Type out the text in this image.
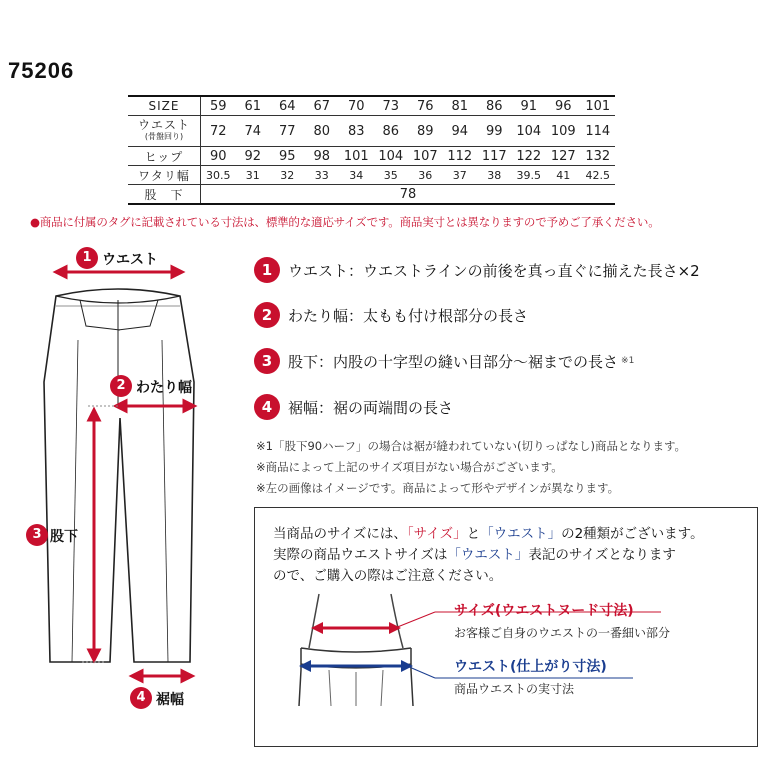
75206
SIZE	59	61	64	67	70	73	76	81	86	91	96	101
ウエスト
(骨盤回り)	72	74	77	80	83	86	89	94	99	104	109	114
ヒップ	90	92	95	98	101	104	107	112	117	122	127	132
ワタリ幅	30.5	31	32	33	34	35	36	37	38	39.5	41	42.5
股　下	78											
●商品に付属のタグに記載されている寸法は、標準的な適応サイズです。商品実寸とは異なりますので予めご了承ください。
1 ウエスト
2 わたり幅
3 股下
4 裾幅
1	ウエスト ：ウエストラインの前後を真っ直ぐに揃えた長さ×2
2	わたり幅 ：太もも付け根部分の長さ
3	股下 ：内股の十字型の縫い目部分～裾までの長さ ※1
4	裾幅 ：裾の両端間の長さ
※1「股下90ハーフ」の場合は裾が縫われていない(切りっぱなし)商品となります。
※商品によって上記のサイズ項目がない場合がございます。
※左の画像はイメージです。商品によって形やデザインが異なります。
当商品のサイズには、「サイズ」と「ウエスト」の2種類がございます。
実際の商品ウエストサイズは「ウエスト」表記のサイズとなります
ので、ご購入の際はご注意ください。
サイズ(ウエストヌード寸法)
お客様ご自身のウエストの一番細い部分
ウエスト(仕上がり寸法)
商品ウエストの実寸法
